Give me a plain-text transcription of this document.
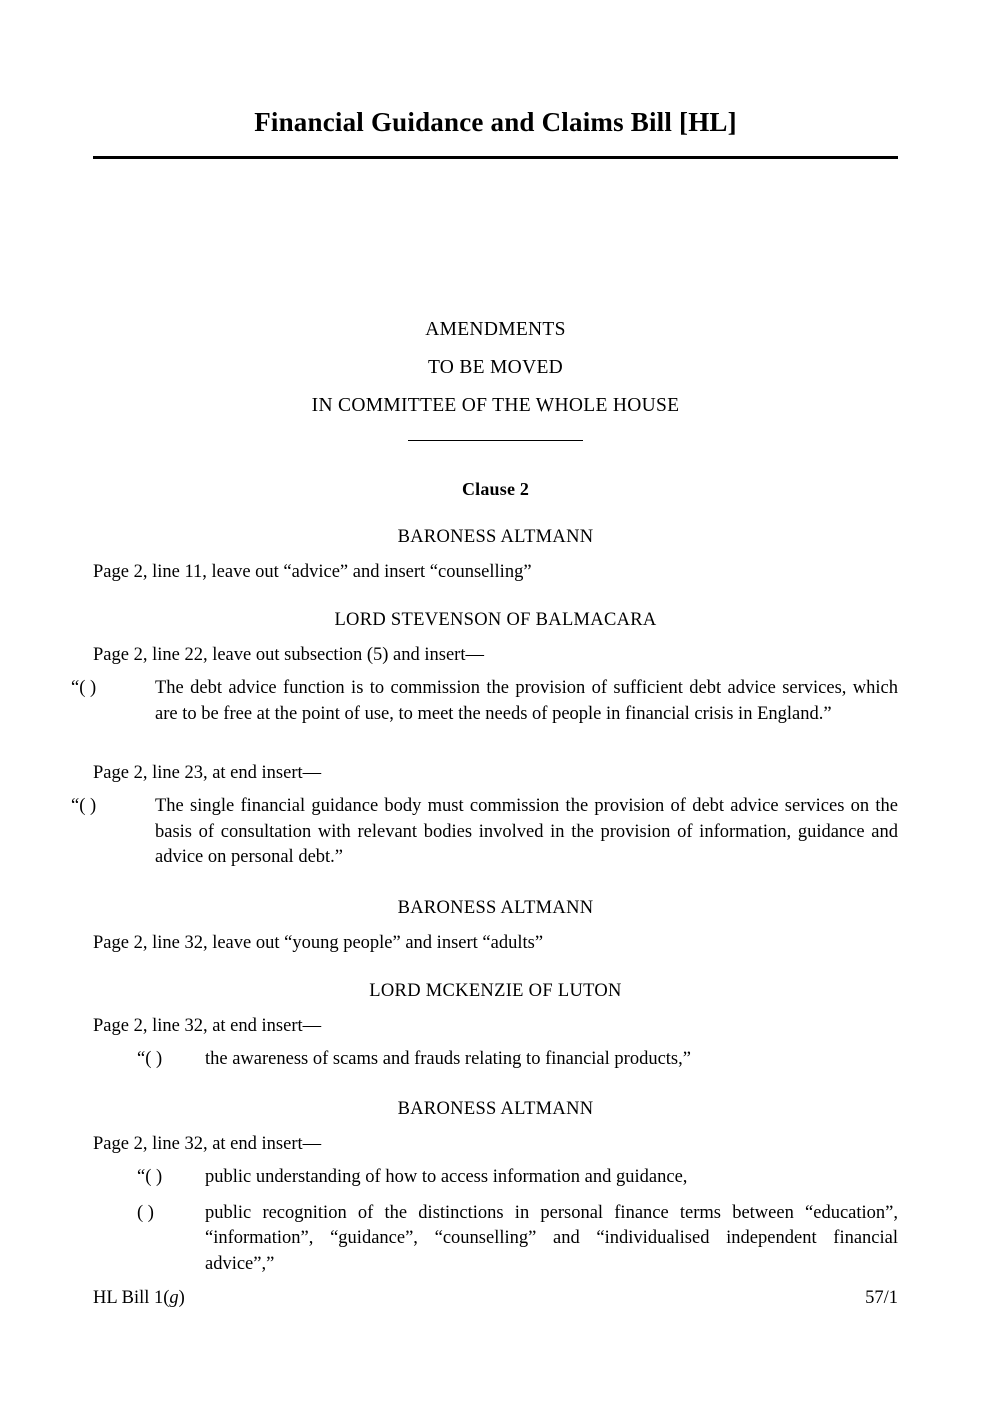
Financial Guidance and Claims Bill [HL]
AMENDMENTS
TO BE MOVED
IN COMMITTEE OF THE WHOLE HOUSE
Clause 2
BARONESS ALTMANN
Page 2, line 11, leave out “advice” and insert “counselling”
LORD STEVENSON OF BALMACARA
Page 2, line 22, leave out subsection (5) and insert—
“( )	The debt advice function is to commission the provision of sufficient debt advice services, which are to be free at the point of use, to meet the needs of people in financial crisis in England.”
Page 2, line 23, at end insert—
“( )	The single financial guidance body must commission the provision of debt advice services on the basis of consultation with relevant bodies involved in the provision of information, guidance and advice on personal debt.”
BARONESS ALTMANN
Page 2, line 32, leave out “young people” and insert “adults”
LORD MCKENZIE OF LUTON
Page 2, line 32, at end insert—
“( ) the awareness of scams and frauds relating to financial products,”
BARONESS ALTMANN
Page 2, line 32, at end insert—
“( ) public understanding of how to access information and guidance,
( )	public recognition of the distinctions in personal finance terms between “education”, “information”, “guidance”, “counselling” and “individualised independent financial advice”,”
HL Bill 1(g)	57/1
